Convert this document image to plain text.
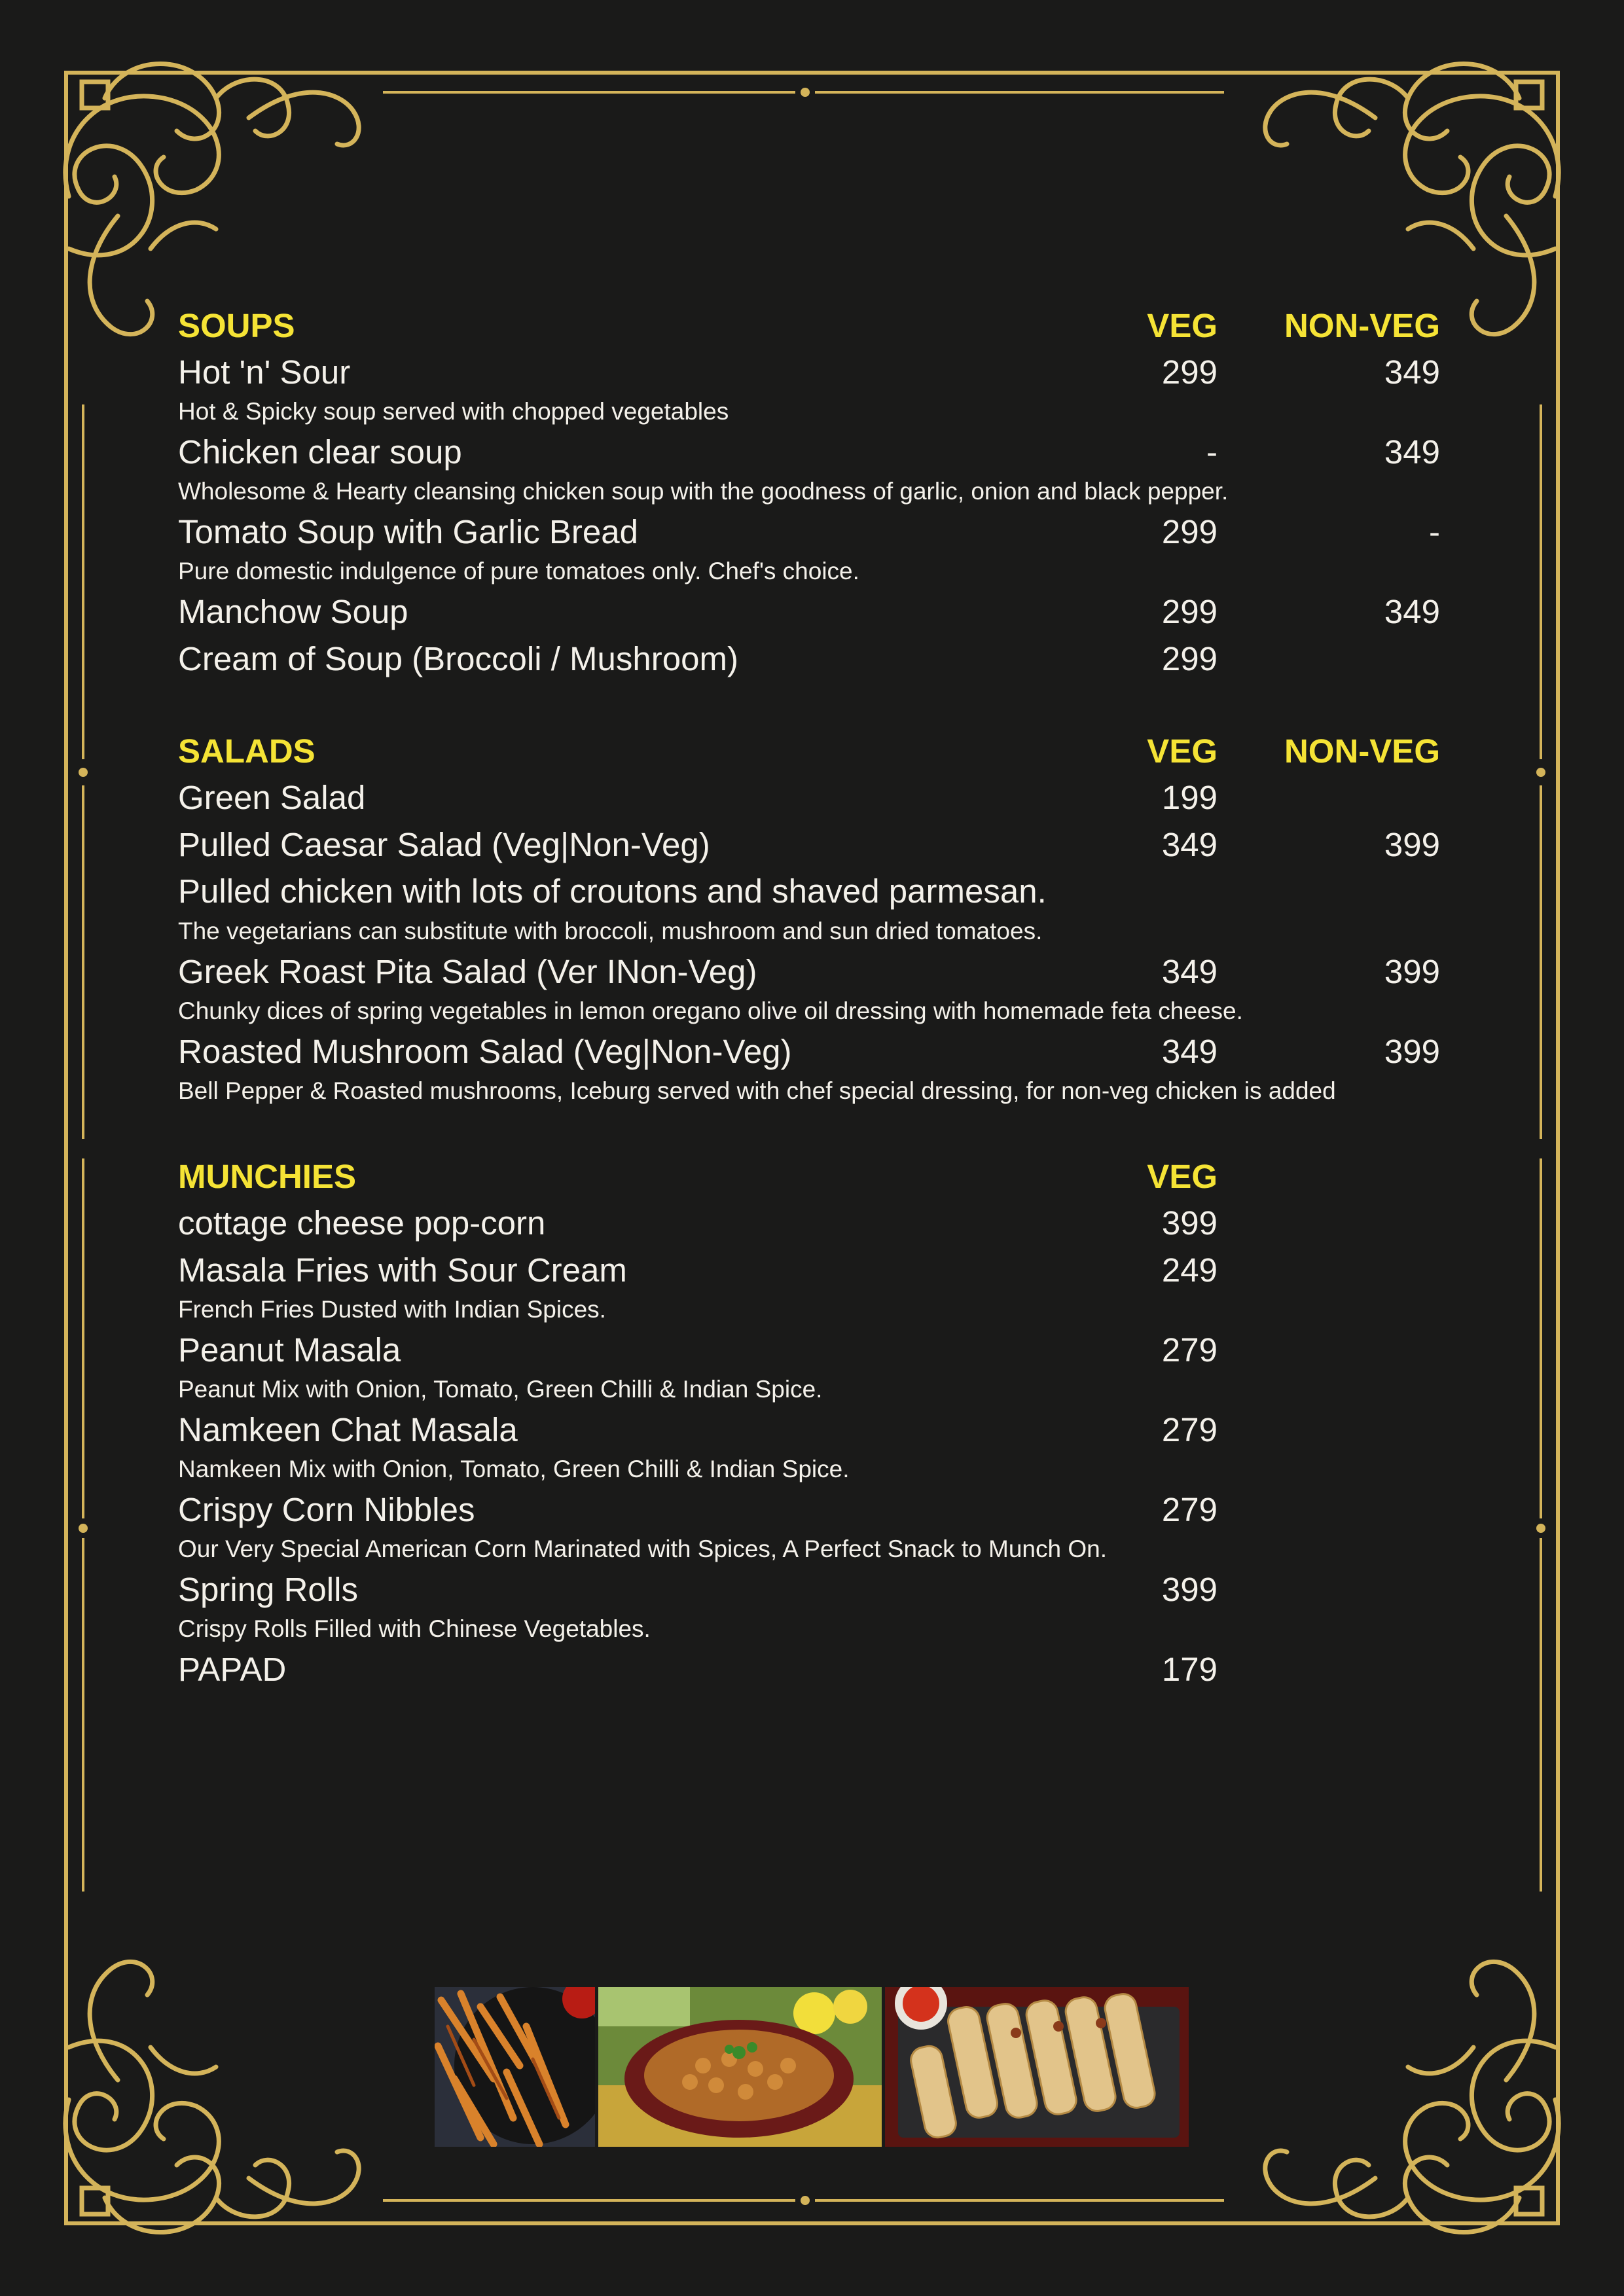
SOUPS	VEG NON-VEG
Hot 'n' Sour	299	349
Hot & Spicky soup served with chopped vegetables
Chicken clear soup	-	349
Wholesome & Hearty cleansing chicken soup with the goodness of garlic, onion and black pepper.
Tomato Soup with Garlic Bread	299	-
Pure domestic indulgence of pure tomatoes only. Chef's choice.
Manchow Soup	299	349
Cream of Soup (Broccoli / Mushroom)	299
SALADS	VEG NON-VEG
Green Salad	199
Pulled Caesar Salad (Veg|Non-Veg)	349	399
Pulled chicken with lots of croutons and shaved parmesan.
The vegetarians can substitute with broccoli, mushroom and sun dried tomatoes.
Greek Roast Pita Salad (Ver INon-Veg)	349	399
Chunky dices of spring vegetables in lemon oregano olive oil dressing with homemade feta cheese.
Roasted Mushroom Salad (Veg|Non-Veg)	349	399
Bell Pepper & Roasted mushrooms, Iceburg served with chef special dressing, for non-veg chicken is added
MUNCHIES	VEG
cottage cheese pop-corn	399
Masala Fries with Sour Cream	249
French Fries Dusted with Indian Spices.
Peanut Masala	279
Peanut Mix with Onion, Tomato, Green Chilli & Indian Spice.
Namkeen Chat Masala	279
Namkeen Mix with Onion, Tomato, Green Chilli & Indian Spice.
Crispy Corn Nibbles	279
Our Very Special American Corn Marinated with Spices, A Perfect Snack to Munch On.
Spring Rolls	399
Crispy Rolls Filled with Chinese Vegetables.
PAPAD	179
